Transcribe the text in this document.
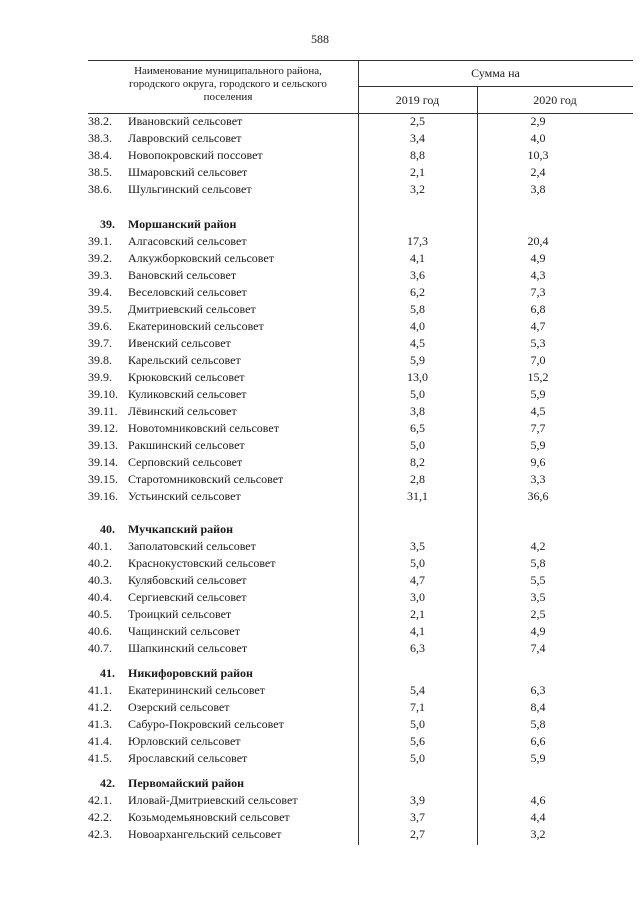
588
Наименование муниципального района, городского округа, городского и сельского поселения
Сумма на
2019 год	2020 год
38.2.	Ивановский сельсовет	2,5	2,9
38.3.	Лавровский сельсовет	3,4	4,0
38.4.	Новопокровский поссовет	8,8	10,3
38.5.	Шмаровский сельсовет	2,1	2,4
38.6.	Шульгинский сельсовет	3,2	3,8
39.	Моршанский район
39.1.	Алгасовский сельсовет	17,3	20,4
39.2.	Алкужборковский сельсовет	4,1	4,9
39.3.	Вановский сельсовет	3,6	4,3
39.4.	Веселовский сельсовет	6,2	7,3
39.5.	Дмитриевский сельсовет	5,8	6,8
39.6.	Екатериновский сельсовет	4,0	4,7
39.7.	Ивенский сельсовет	4,5	5,3
39.8.	Карельский сельсовет	5,9	7,0
39.9.	Крюковский сельсовет	13,0	15,2
39.10. Куликовский сельсовет	5,0	5,9
39.11. Лёвинский сельсовет	3,8	4,5
39.12. Новотомниковский сельсовет	6,5	7,7
39.13. Ракшинский сельсовет	5,0	5,9
39.14. Серповский сельсовет	8,2	9,6
39.15. Старотомниковский сельсовет	2,8	3,3
39.16. Устьинский сельсовет	31,1	36,6
40.	Мучкапский район
40.1.	Заполатовский сельсовет	3,5	4,2
40.2.	Краснокустовский сельсовет	5,0	5,8
40.3.	Кулябовский сельсовет	4,7	5,5
40.4.	Сергиевский сельсовет	3,0	3,5
40.5.	Троицкий сельсовет	2,1	2,5
40.6.	Чащинский сельсовет	4,1	4,9
40.7.	Шапкинский сельсовет	6,3	7,4
41.	Никифоровский район
41.1.	Екатерининский сельсовет	5,4	6,3
41.2.	Озерский сельсовет	7,1	8,4
41.3.	Сабуро-Покровский сельсовет	5,0	5,8
41.4.	Юрловский сельсовет	5,6	6,6
41.5.	Ярославский сельсовет	5,0	5,9
42.	Первомайский район
42.1.	Иловай-Дмитриевский сельсовет	3,9	4,6
42.2.	Козьмодемьяновский сельсовет	3,7	4,4
42.3.	Новоархангельский сельсовет	2,7	3,2
